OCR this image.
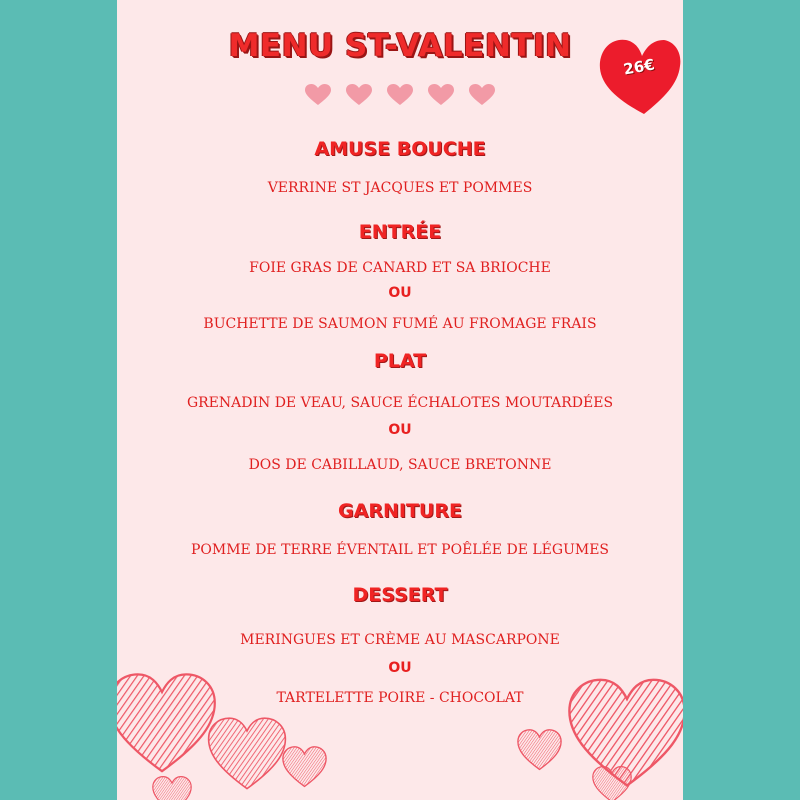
MENU ST-VALENTIN
AMUSE BOUCHE
VERRINE ST JACQUES ET POMMES
ENTRÉE
FOIE GRAS DE CANARD ET SA BRIOCHE
OU
BUCHETTE DE SAUMON FUMÉ AU FROMAGE FRAIS
PLAT
GRENADIN DE VEAU, SAUCE ÉCHALOTES MOUTARDÉES
OU
DOS DE CABILLAUD, SAUCE BRETONNE
GARNITURE
POMME DE TERRE ÉVENTAIL ET POÊLÉE DE LÉGUMES
DESSERT
MERINGUES ET CRÈME AU MASCARPONE
OU
TARTELETTE POIRE - CHOCOLAT
26€
